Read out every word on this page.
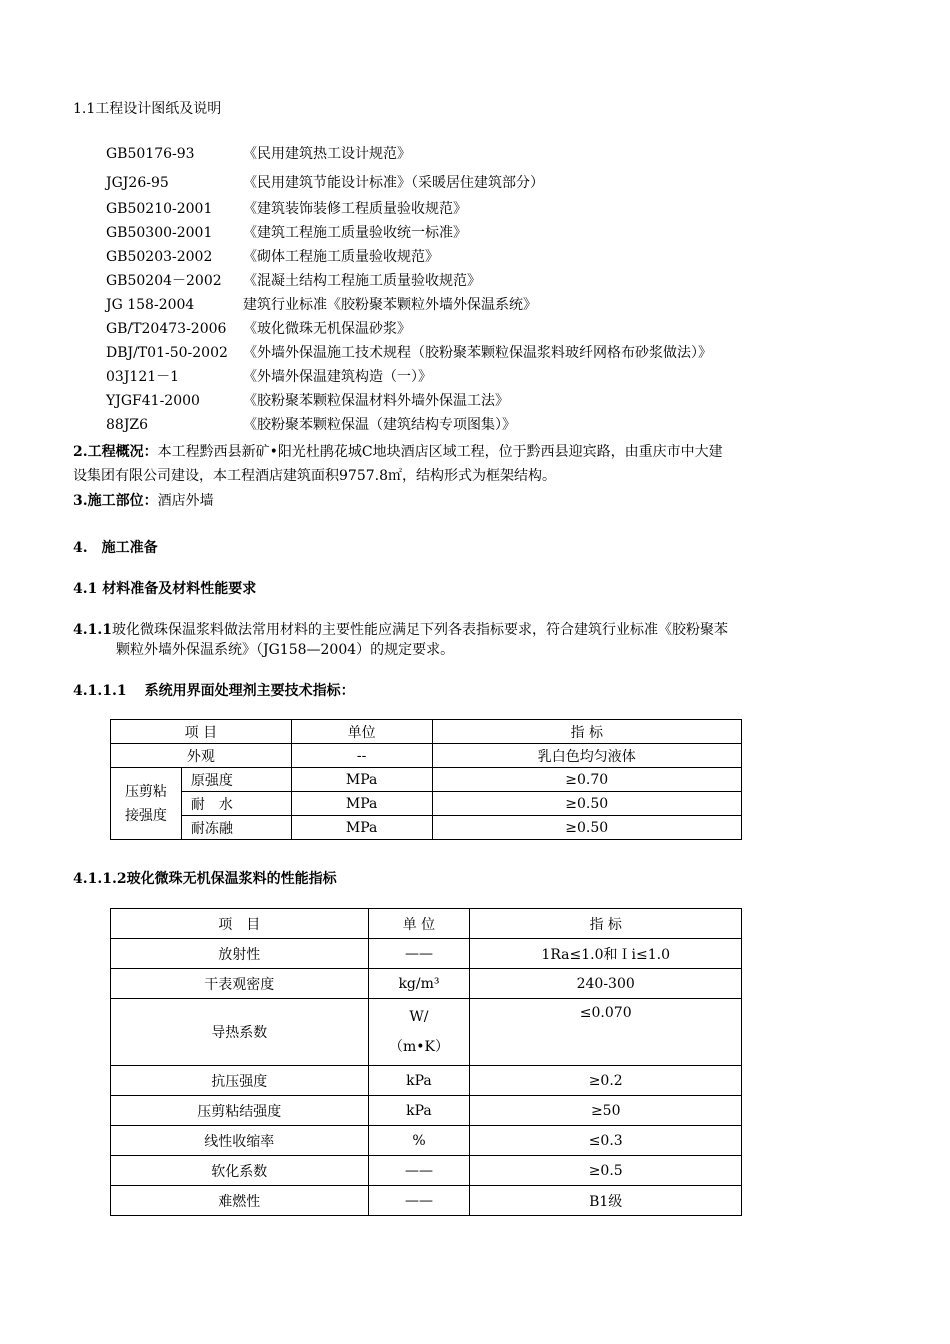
1.1工程设计图纸及说明
GB50176-93	《民用建筑热工设计规范》
JGJ26-95	《民用建筑节能设计标准》（采暖居住建筑部分）
GB50210-2001 《建筑装饰装修工程质量验收规范》
GB50300-2001 《建筑工程施工质量验收统一标准》
GB50203-2002 《砌体工程施工质量验收规范》
GB50204－2002 《混凝土结构工程施工质量验收规范》
JG 158-2004	建筑行业标准《胶粉聚苯颗粒外墙外保温系统》
GB/T20473-2006 《玻化微珠无机保温砂浆》
DBJ/T01-50-2002 《外墙外保温施工技术规程（胶粉聚苯颗粒保温浆料玻纤网格布砂浆做法）》
03J121－1	《外墙外保温建筑构造（一）》
YJGF41-2000	《胶粉聚苯颗粒保温材料外墙外保温工法》
88JZ6	《胶粉聚苯颗粒保温（建筑结构专项图集）》
2.工程概况：本工程黔西县新矿•阳光杜鹃花城C地块酒店区域工程，位于黔西县迎宾路，由重庆市中大建
设集团有限公司建设，本工程酒店建筑面积9757.8㎡，结构形式为框架结构。
3.施工部位：酒店外墙
4.　施工准备
4.1 材料准备及材料性能要求
4.1.1玻化微珠保温浆料做法常用材料的主要性能应满足下列各表指标要求，符合建筑行业标准《胶粉聚苯
颗粒外墙外保温系统》（JG158—2004）的规定要求。
4.1.1.1 系统用界面处理剂主要技术指标：
项 目		单位	指 标
外观		--	乳白色均匀液体

压剪粘
接强度	原强度	MPa	≥0.70
	耐　水	MPa	≥0.50
	耐冻融	MPa	≥0.50
4.1.1.2玻化微珠无机保温浆料的性能指标
项　目	单 位	指 标
放射性	——	1Ra≤1.0和Ｉi≤1.0
干表观密度	kg/m³	240-300
导热系数	W/
（m•K）	≤0.070
抗压强度	kPa	≥0.2
压剪粘结强度	kPa	≥50
线性收缩率	%	≤0.3
软化系数	——	≥0.5
难燃性	——	B1级
